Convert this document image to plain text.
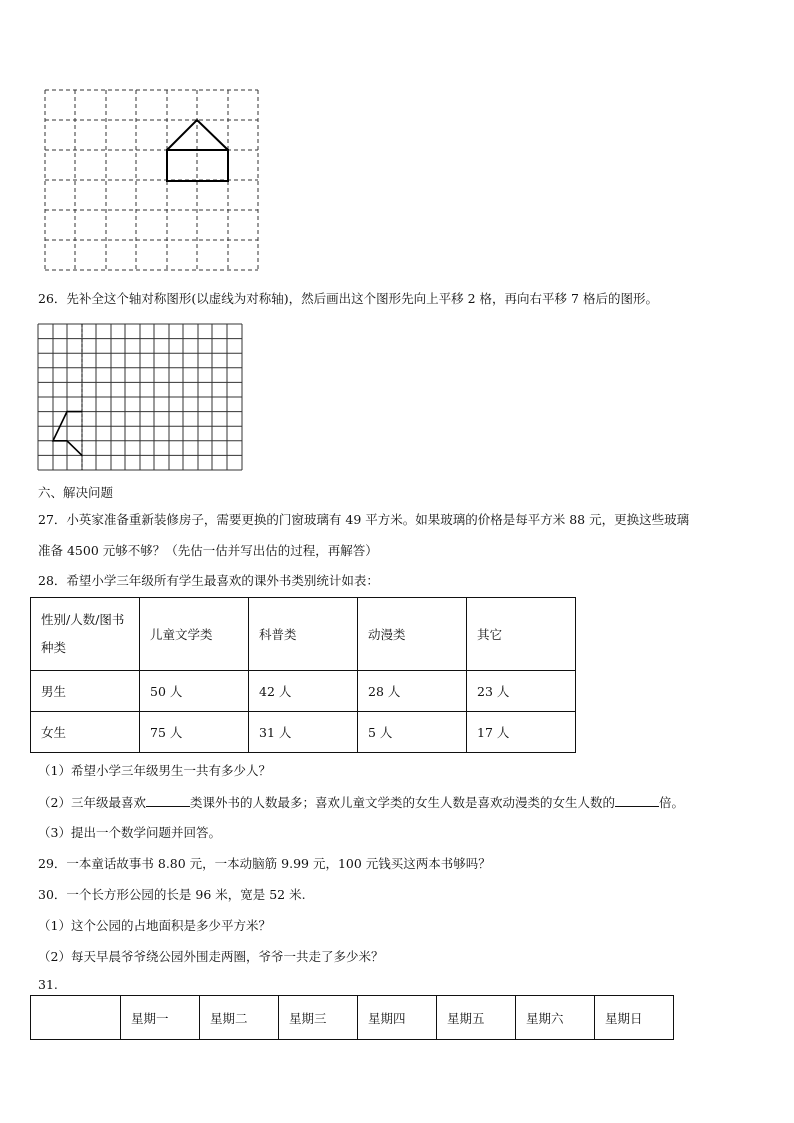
26．先补全这个轴对称图形(以虚线为对称轴)，然后画出这个图形先向上平移 2 格，再向右平移 7 格后的图形。
六、解决问题
27．小英家准备重新装修房子，需要更换的门窗玻璃有 49 平方米。如果玻璃的价格是每平方米 88 元，更换这些玻璃
准备 4500 元够不够？（先估一估并写出估的过程，再解答）
28．希望小学三年级所有学生最喜欢的课外书类别统计如表：
性别/人数/图书
种类	儿童文学类	科普类	动漫类	其它
男生	50 人	42 人	28 人	23 人
女生	75 人	31 人	5 人	17 人
（1）希望小学三年级男生一共有多少人？
（2）三年级最喜欢	类课外书的人数最多；喜欢儿童文学类的女生人数是喜欢动漫类的女生人数的	倍。
（3）提出一个数学问题并回答。
29．一本童话故事书 8.80 元，一本动脑筋 9.99 元，100 元钱买这两本书够吗？
30．一个长方形公园的长是 96 米，宽是 52 米.
（1）这个公园的占地面积是多少平方米？
（2）每天早晨爷爷绕公园外围走两圈，爷爷一共走了多少米？
31.
	星期一	星期二	星期三	星期四	星期五	星期六	星期日
